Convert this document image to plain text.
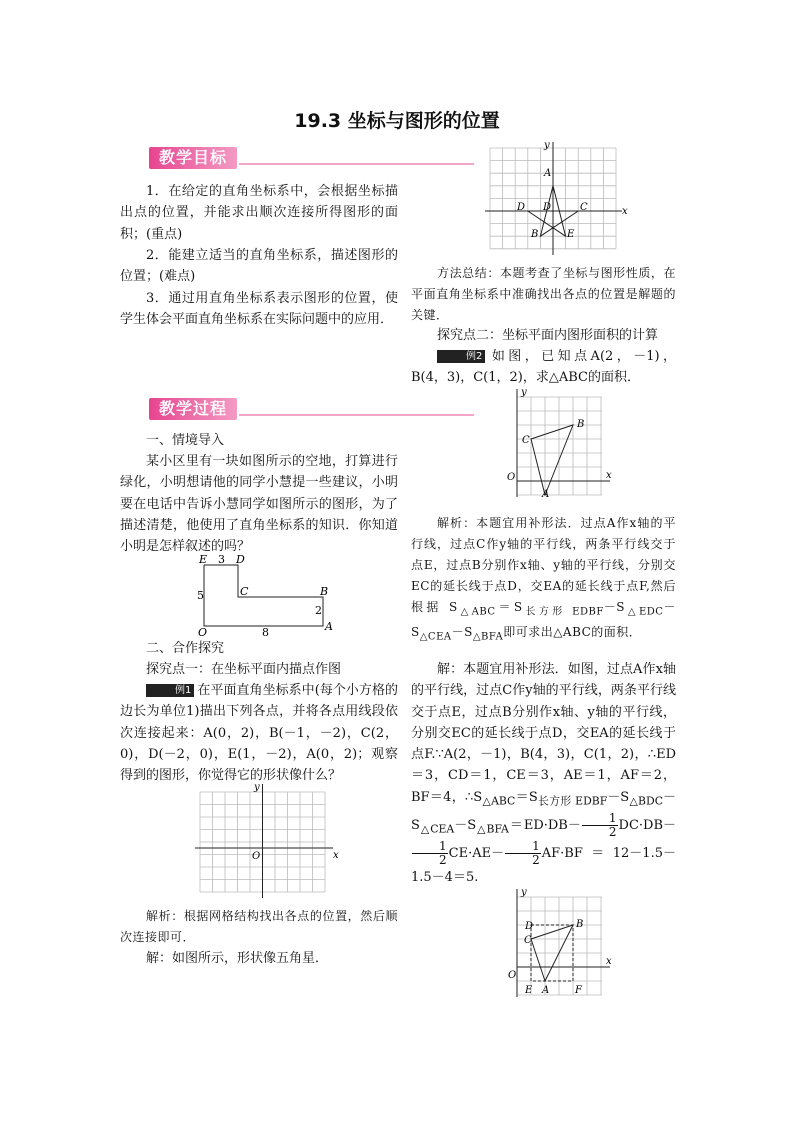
19.3 坐标与图形的位置
教学目标
1．在给定的直角坐标系中，会根据坐标描出点的位置，并能求出顺次连接所得图形的面积；(重点)
2．能建立适当的直角坐标系，描述图形的位置；(难点)
3．通过用直角坐标系表示图形的位置，使学生体会平面直角坐标系在实际问题中的应用．
教学过程
一、情境导入
某小区里有一块如图所示的空地，打算进行绿化，小明想请他的同学小慧提一些建议，小明要在电话中告诉小慧同学如图所示的图形，为了描述清楚，他使用了直角坐标系的知识．你知道小明是怎样叙述的吗？
E 3 D
C	B
5
2
O	8	A
二、合作探究
探究点一：在坐标平面内描点作图
例1 在平面直角坐标系中(每个小方格的边长为单位1)描出下列各点，并将各点用线段依次连接起来：A(0，2)，B(－1，－2)，C(2，0)，D(－2，0)，E(1，－2)，A(0，2)；观察得到的图形，你觉得它的形状像什么？
x
y
O
解析：根据网格结构找出各点的位置，然后顺次连接即可．
解：如图所示，形状像五角星．
x
y
A
D D	C
B	E
方法总结：本题考查了坐标与图形性质，在平面直角坐标系中准确找出各点的位置是解题的关键．
探究点二：坐标平面内图形面积的计算
例2 如图，已知点A(2，－1)，B(4，3)，C(1，2)，求△ABC的面积．
x
y
O
A
B
C
解析：本题宜用补形法．过点A作x轴的平行线，过点C作y轴的平行线，两条平行线交于点E，过点B分别作x轴、y轴的平行线，分别交EC的延长线于点D，交EA的延长线于点F,然后根据 $S_{\triangle ABC}=S_{长方形 EDBF}-S_{\triangle EDC}-S_{\triangle CEA}-S_{\triangle BFA}$即可求出△ABC的面积．
解：本题宜用补形法．如图，过点A作x轴的平行线，过点C作y轴的平行线，两条平行线交于点E，过点B分别作x轴、y轴的平行线，分别交EC的延长线于点D，交EA的延长线于点F.∵A(2，－1)，B(4，3)，C(1，2)，∴ED＝3，CD＝1，CE＝3，AE＝1，AF＝2，BF＝4，$\therefore S_{\triangle ABC}=S_{长方形 EDBF}-S_{\triangle BDC}-S_{\triangle CEA}-S_{\triangle BFA}=ED\cdot DB- \frac{1}{2} DC\cdot DB-$
$\frac{1}{2} CE\cdot AE- \frac{1}{2} AF\cdot BF=12-1.5-1.5-4=5$.
x
y
O
D	B
C
E A	F
